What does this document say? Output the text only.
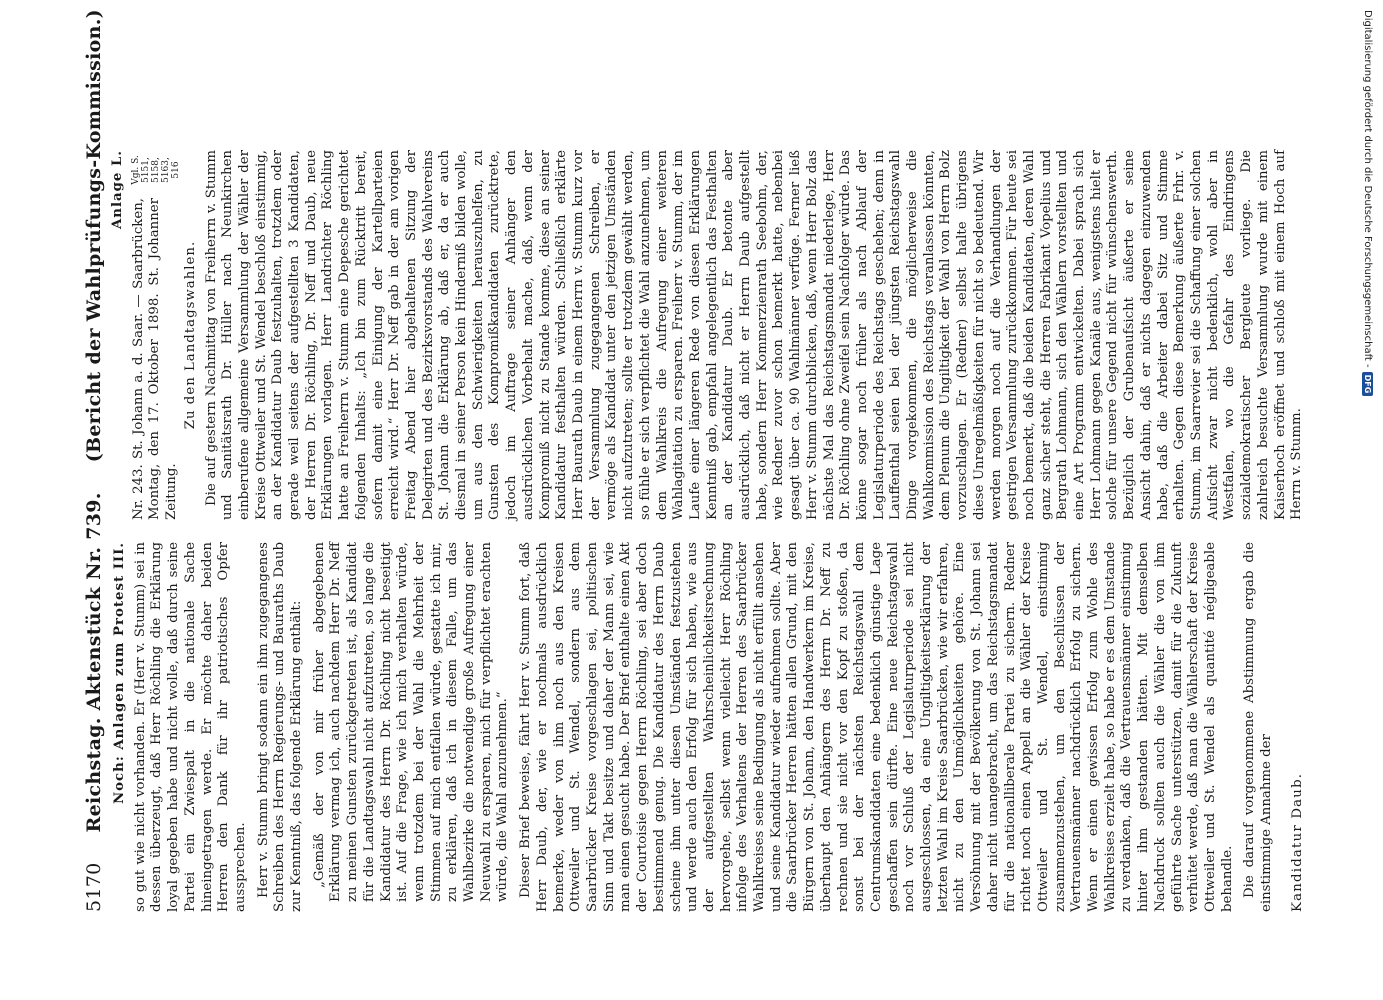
5170
Reichstag. Aktenstück Nr. 739.
(Bericht der Wahlprüfungs-Kommission.)
Noch: Anlagen zum Protest III. so gut wie nicht vorhanden. Er (Herr v. Stumm) sei in dessen überzeugt, daß Herr Röchling die Erklärung loyal gegeben habe und nicht wolle, daß durch seine Partei ein Zwiespalt in die nationale Sache hineingetragen werde. Er möchte daher beiden Herren den Dank für ihr patriotisches Opfer aussprechen. Herr v. Stumm bringt sodann ein ihm zugegangenes Schreiben des Herrn Regierungs- und Bauraths Daub zur Kenntniß, das folgende Erklärung enthält: „Gemäß der von mir früher abgegebenen Erklärung vermag ich, auch nachdem Herr Dr. Neff zu meinen Gunsten zurückgetreten ist, als Kandidat für die Landtagswahl nicht aufzutreten, so lange die Kandidatur des Herrn Dr. Röchling nicht beseitigt ist. Auf die Frage, wie ich mich verhalten würde, wenn trotzdem bei der Wahl die Mehrheit der Stimmen auf mich entfallen würde, gestatte ich mir, zu erklären, daß ich in diesem Falle, um das Wahlbezirke die notwendige große Aufregung einer Neuwahl zu ersparen, mich für verpflichtet erachten würde, die Wahl anzunehmen.“ Dieser Brief beweise, fährt Herr v. Stumm fort, daß Herr Daub, der, wie er nochmals ausdrücklich bemerke, weder von ihm noch aus den Kreisen Ottweiler und St. Wendel, sondern aus dem Saarbrücker Kreise vorgeschlagen sei, politischen Sinn und Takt besitze und daher der Mann sei, wie man einen gesucht habe. Der Brief enthalte einen Akt der Courtoisie gegen Herrn Röchling, sei aber doch bestimmend genug. Die Kandidatur des Herrn Daub scheine ihm unter diesen Umständen festzustehen und werde auch den Erfolg für sich haben, wie aus der aufgestellten Wahrscheinlichkeitsrechnung hervorgehe, selbst wenn vielleicht Herr Röchling infolge des Verhaltens der Herren des Saarbrücker Wahlkreises seine Bedingung als nicht erfüllt ansehen und seine Kandidatur wieder aufnehmen sollte. Aber die Saarbrücker Herren hätten allen Grund, mit den Bürgern von St. Johann, den Handwerkern im Kreise, überhaupt den Anhängern des Herrn Dr. Neff zu rechnen und sie nicht vor den Kopf zu stoßen, da sonst bei der nächsten Reichstagswahl dem Centrumskandidaten eine bedenklich günstige Lage geschaffen sein dürfte. Eine neue Reichstagswahl noch vor Schluß der Legislaturperiode sei nicht ausgeschlossen, da eine Ungiltigkeitserklärung der letzten Wahl im Kreise Saarbrücken, wie wir erfahren, nicht zu den Unmöglichkeiten gehöre. Eine Versöhnung mit der Bevölkerung von St. Johann sei daher nicht unangebracht, um das Reichstagsmandat für die nationalliberale Partei zu sichern. Redner richtet noch einen Appell an die Wähler der Kreise Ottweiler und St. Wendel, einstimmig zusammenzustehen, um den Beschlüssen der Vertrauensmänner nachdrücklich Erfolg zu sichern. Wenn er einen gewissen Erfolg zum Wohle des Wahlkreises erzielt habe, so habe er es dem Umstande zu verdanken, daß die Vertrauensmänner einstimmig hinter ihm gestanden hätten. Mit demselben Nachdruck sollten auch die Wähler die von ihm geführte Sache unterstützen, damit für die Zukunft verhütet werde, daß man die Wählerschaft der Kreise Ottweiler und St. Wendel als quantité négligeable behandle. Die darauf vorgenommene Abstimmung ergab die einstimmige Annahme der Kandidatur Daub.

Anlage L.

Nr. 243. St. Johann a. d. Saar. — Saarbrücken, Montag, den 17. Oktober 1898. St. Johanner Zeitung.

Vgl. S. 5151, 5158, 5163, 516
Zu den Landtagswahlen. Die auf gestern Nachmittag von Freiherrn v. Stumm und Sanitätsrath Dr. Hüller nach Neunkirchen einberufene allgemeine Versammlung der Wähler der Kreise Ottweiler und St. Wendel beschloß einstimmig, an der Kandidatur Daub festzuhalten, trotzdem oder gerade weil seitens der aufgestellten 3 Kandidaten, der Herren Dr. Röchling, Dr. Neff und Daub, neue Erklärungen vorlagen. Herr Landrichter Röchling hatte an Freiherrn v. Stumm eine Depesche gerichtet folgenden Inhalts: „Ich bin zum Rücktritt bereit, sofern damit eine Einigung der Kartellparteien erreicht wird.“ Herr Dr. Neff gab in der am vorigen Freitag Abend hier abgehaltenen Sitzung der Delegirten und des Bezirksvorstands des Wahlvereins St. Johann die Erklärung ab, daß er, da er auch diesmal in seiner Person kein Hinderniß bilden wolle, um aus den Schwierigkeiten herauszuhelfen, zu Gunsten des Kompromißkandidaten zurücktrete, jedoch im Auftrage seiner Anhänger den ausdrücklichen Vorbehalt mache, daß, wenn der Kompromiß nicht zu Stande komme, diese an seiner Kandidatur festhalten würden. Schließlich erklärte Herr Baurath Daub in einem Herrn v. Stumm kurz vor der Versammlung zugegangenen Schreiben, er vermöge als Kandidat unter den jetzigen Umständen nicht aufzutreten; sollte er trotzdem gewählt werden, so fühle er sich verpflichtet die Wahl anzunehmen, um dem Wahlkreis die Aufregung einer weiteren Wahlagitation zu ersparen. Freiherr v. Stumm, der im Laufe einer längeren Rede von diesen Erklärungen Kenntniß gab, empfahl angelegentlich das Festhalten an der Kandidatur Daub. Er betonte aber ausdrücklich, daß nicht er Herrn Daub aufgestellt habe, sondern Herr Kommerzienrath Seebohm, der, wie Redner zuvor schon bemerkt hatte, nebenbei gesagt über ca. 90 Wahlmänner verfüge. Ferner ließ Herr v. Stumm durchblicken, daß, wenn Herr Bolz das nächste Mal das Reichstagsmandat niederlege, Herr Dr. Röchling ohne Zweifel sein Nachfolger würde. Das könne sogar noch früher als nach Ablauf der Legislaturperiode des Reichstags geschehen; denn in Lauffenthal seien bei der jüngsten Reichstagswahl Dinge vorgekommen, die möglicherweise die Wahlkommission des Reichstags veranlassen könnten, dem Plenum die Ungiltigkeit der Wahl von Herrn Bolz vorzuschlagen. Er (Redner) selbst halte übrigens diese Unregelmäßigkeiten für nicht so bedeutend. Wir werden morgen noch auf die Verhandlungen der gestrigen Versammlung zurückkommen. Für heute sei noch bemerkt, daß die beiden Kandidaten, deren Wahl ganz sicher steht, die Herren Fabrikant Vopelius und Bergrath Lohmann, sich den Wählern vorstellten und eine Art Programm entwickelten. Dabei sprach sich Herr Lohmann gegen Kanäle aus, wenigstens hielt er solche für unsere Gegend nicht für wünschenswerth. Bezüglich der Grubenaufsicht äußerte er seine Ansicht dahin, daß er nichts dagegen einzuwenden habe, daß die Arbeiter dabei Sitz und Stimme erhalten. Gegen diese Bemerkung äußerte Frhr. v. Stumm, im Saarrevier sei die Schaffung einer solchen Aufsicht zwar nicht bedenklich, wohl aber in Westfalen, wo die Gefahr des Eindringens sozialdemokratischer Bergleute vorliege. Die zahlreich besuchte Versammlung wurde mit einem Kaiserhoch eröffnet und schloß mit einem Hoch auf Herrn v. Stumm.

Digitalisierung gefördert durch die Deutsche Forschungsgemeinschaft -
DFG
